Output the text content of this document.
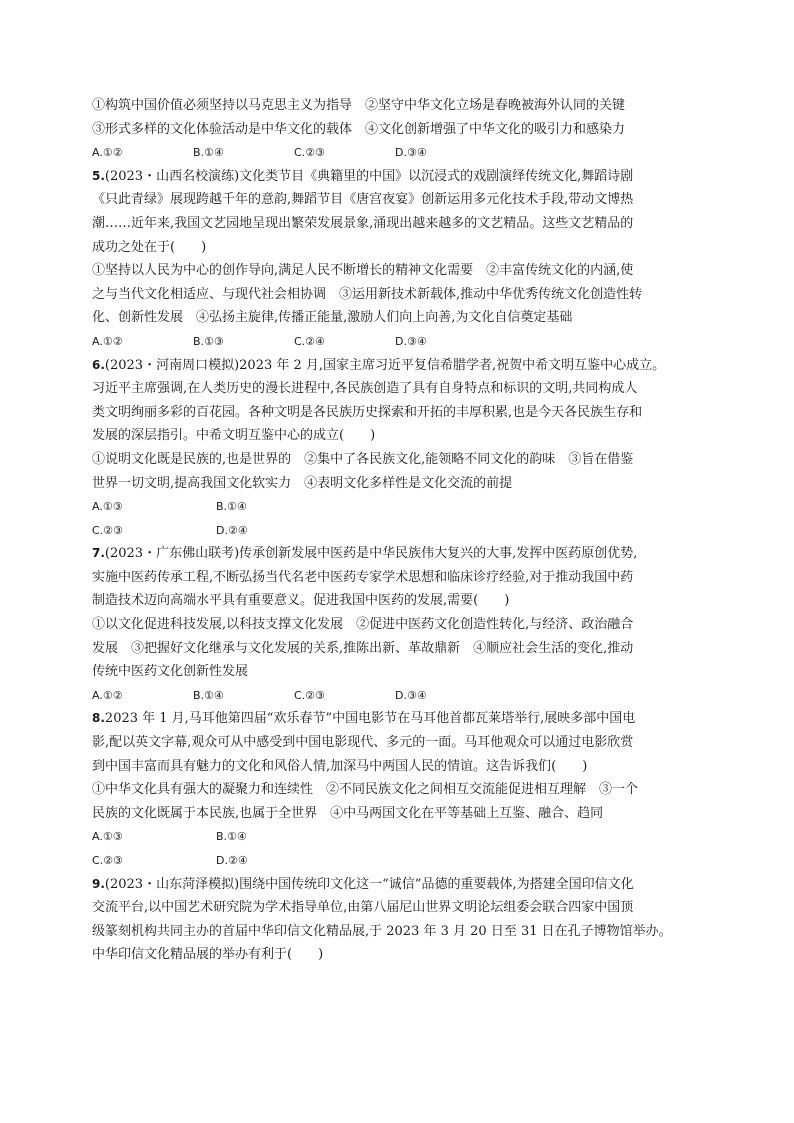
①构筑中国价值必须坚持以马克思主义为指导　②坚守中华文化立场是春晚被海外认同的关键
③形式多样的文化体验活动是中华文化的载体　④文化创新增强了中华文化的吸引力和感染力
A.①②	B.①④	C.②③	D.③④
5.(2023・山西名校演练)文化类节目《典籍里的中国》以沉浸式的戏剧演绎传统文化,舞蹈诗剧
《只此青绿》展现跨越千年的意韵,舞蹈节目《唐宫夜宴》创新运用多元化技术手段,带动文博热
潮……近年来,我国文艺园地呈现出繁荣发展景象,涌现出越来越多的文艺精品。这些文艺精品的
成功之处在于(　　)
①坚持以人民为中心的创作导向,满足人民不断增长的精神文化需要　②丰富传统文化的内涵,使
之与当代文化相适应、与现代社会相协调　③运用新技术新载体,推动中华优秀传统文化创造性转
化、创新性发展　④弘扬主旋律,传播正能量,激励人们向上向善,为文化自信奠定基础
A.①②	B.①③	C.②④	D.③④
6.(2023・河南周口模拟)2023 年 2 月,国家主席习近平复信希腊学者,祝贺中希文明互鉴中心成立。
习近平主席强调,在人类历史的漫长进程中,各民族创造了具有自身特点和标识的文明,共同构成人
类文明绚丽多彩的百花园。各种文明是各民族历史探索和开拓的丰厚积累,也是今天各民族生存和
发展的深层指引。中希文明互鉴中心的成立(　　)
①说明文化既是民族的,也是世界的　②集中了各民族文化,能领略不同文化的韵味　③旨在借鉴
世界一切文明,提高我国文化软实力　④表明文化多样性是文化交流的前提
A.①③	B.①④
C.②③	D.②④
7.(2023・广东佛山联考)传承创新发展中医药是中华民族伟大复兴的大事,发挥中医药原创优势,
实施中医药传承工程,不断弘扬当代名老中医药专家学术思想和临床诊疗经验,对于推动我国中药
制造技术迈向高端水平具有重要意义。促进我国中医药的发展,需要(　　)
①以文化促进科技发展,以科技支撑文化发展　②促进中医药文化创造性转化,与经济、政治融合
发展　③把握好文化继承与文化发展的关系,推陈出新、革故鼎新　④顺应社会生活的变化,推动
传统中医药文化创新性发展
A.①②	B.①④	C.②③	D.③④
8.2023 年 1 月,马耳他第四届“欢乐春节”中国电影节在马耳他首都瓦莱塔举行,展映多部中国电
影,配以英文字幕,观众可从中感受到中国电影现代、多元的一面。马耳他观众可以通过电影欣赏
到中国丰富而具有魅力的文化和风俗人情,加深马中两国人民的情谊。这告诉我们(　　)
①中华文化具有强大的凝聚力和连续性　②不同民族文化之间相互交流能促进相互理解　③一个
民族的文化既属于本民族,也属于全世界　④中马两国文化在平等基础上互鉴、融合、趋同
A.①③	B.①④
C.②③	D.②④
9.(2023・山东菏泽模拟)围绕中国传统印文化这一“诚信”品德的重要载体,为搭建全国印信文化
交流平台,以中国艺术研究院为学术指导单位,由第八届尼山世界文明论坛组委会联合四家中国顶
级篆刻机构共同主办的首届中华印信文化精品展,于 2023 年 3 月 20 日至 31 日在孔子博物馆举办。
中华印信文化精品展的举办有利于(　　)
